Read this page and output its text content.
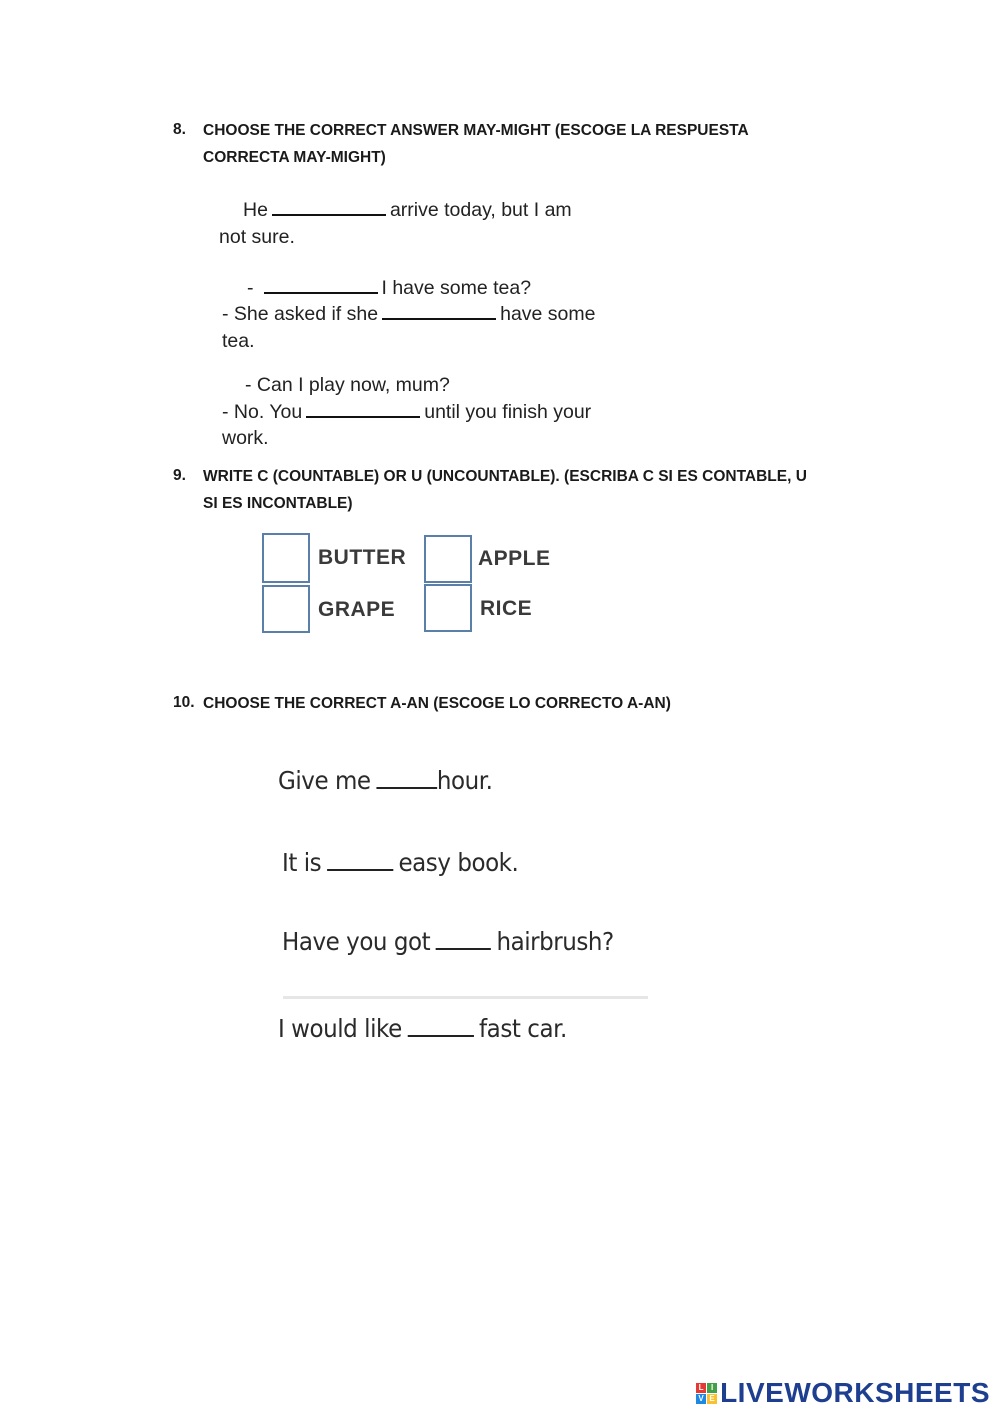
8. CHOOSE THE CORRECT ANSWER MAY-MIGHT (ESCOGE LA RESPUESTA
CORRECTA MAY-MIGHT)
He	arrive today, but I am
not sure.
-	I have some tea?
- She asked if she	have some
tea.
- Can I play now, mum?
- No. You	until you finish your
work.
9. WRITE C (COUNTABLE) OR U (UNCOUNTABLE). (ESCRIBA C SI ES CONTABLE, U
SI ES INCONTABLE)
BUTTER	APPLE
GRAPE	RICE
10. CHOOSE THE CORRECT A-AN (ESCOGE LO CORRECTO A-AN)
Give me	hour.
It is	easy book.
Have you got	hairbrush?
I would like	fast car.
L I
V E LIVEWORKSHEETS
